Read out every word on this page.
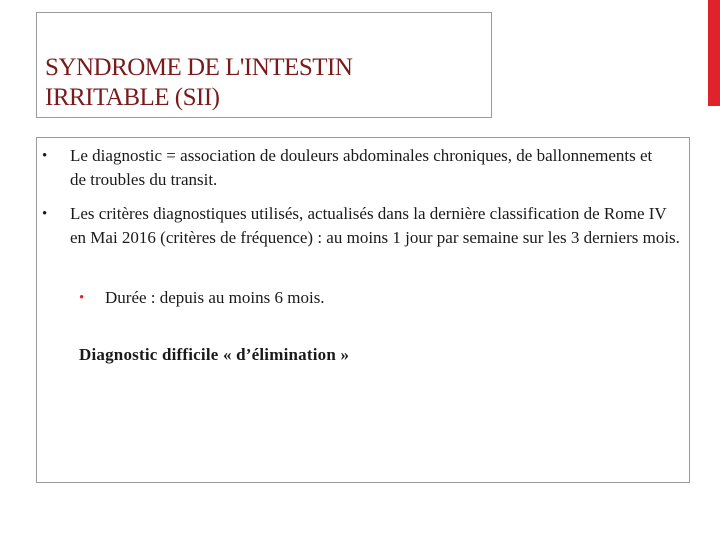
SYNDROME DE L'INTESTIN
IRRITABLE (SII)
•	Le diagnostic = association de douleurs abdominales chroniques, de ballonnements et de troubles du transit.
•	Les critères diagnostiques utilisés, actualisés dans la dernière classification de Rome IV en Mai 2016 (critères de fréquence) : au moins 1 jour par semaine sur les 3 derniers mois.
•	Durée : depuis au moins 6 mois.

Diagnostic difficile « d’élimination »
